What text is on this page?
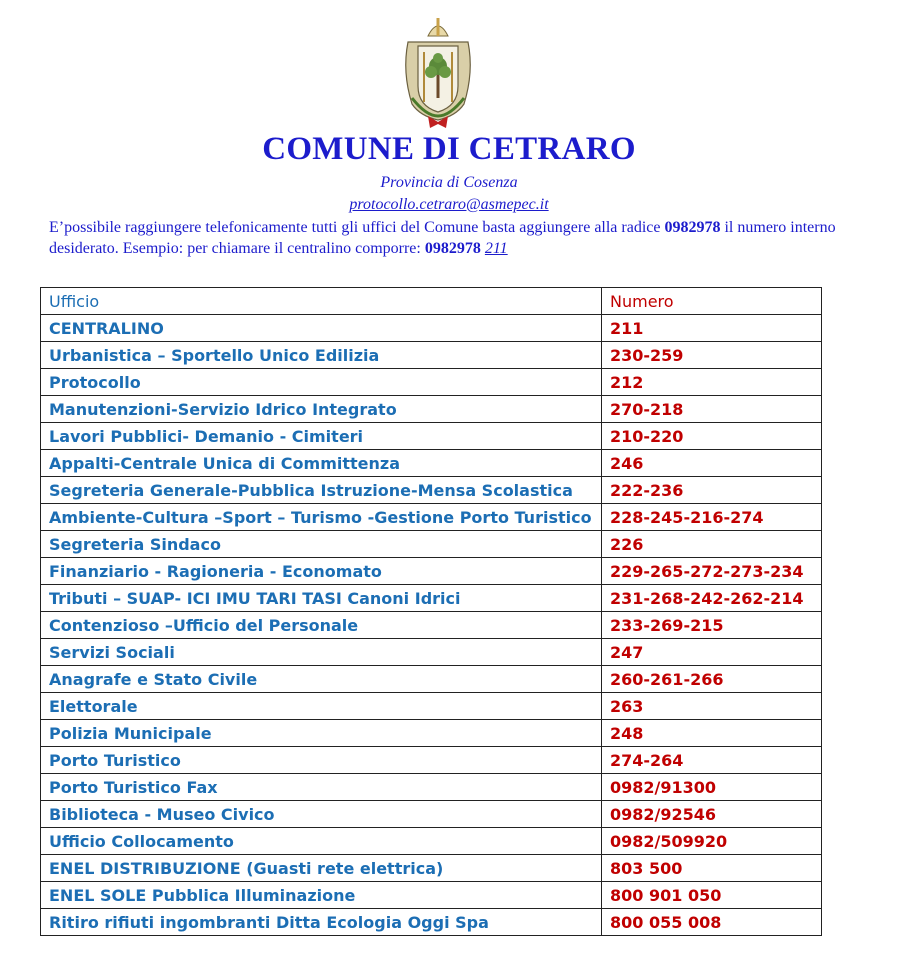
COMUNE DI CETRARO
Provincia di Cosenza
protocollo.cetraro@asmepec.it
E’possibile raggiungere telefonicamente tutti gli uffici del Comune basta aggiungere alla radice 0982978 il numero interno desiderato. Esempio: per chiamare il centralino comporre: 0982978 211
Ufficio	Numero
CENTRALINO	211
Urbanistica – Sportello Unico Edilizia	230-259
Protocollo	212
Manutenzioni-Servizio Idrico Integrato	270-218
Lavori Pubblici- Demanio - Cimiteri	210-220
Appalti-Centrale Unica di Committenza	246
Segreteria Generale-Pubblica Istruzione-Mensa Scolastica	222-236
Ambiente-Cultura –Sport – Turismo -Gestione Porto Turistico	228-245-216-274
Segreteria Sindaco	226
Finanziario - Ragioneria - Economato	229-265-272-273-234
Tributi – SUAP- ICI IMU TARI TASI Canoni Idrici	231-268-242-262-214
Contenzioso –Ufficio del Personale	233-269-215
Servizi Sociali	247
Anagrafe e Stato Civile	260-261-266
Elettorale	263
Polizia Municipale	248
Porto Turistico	274-264
Porto Turistico Fax	0982/91300
Biblioteca - Museo Civico	0982/92546
Ufficio Collocamento	0982/509920
ENEL DISTRIBUZIONE (Guasti rete elettrica)	803 500
ENEL SOLE Pubblica Illuminazione	800 901 050
Ritiro rifiuti ingombranti Ditta Ecologia Oggi Spa	800 055 008
